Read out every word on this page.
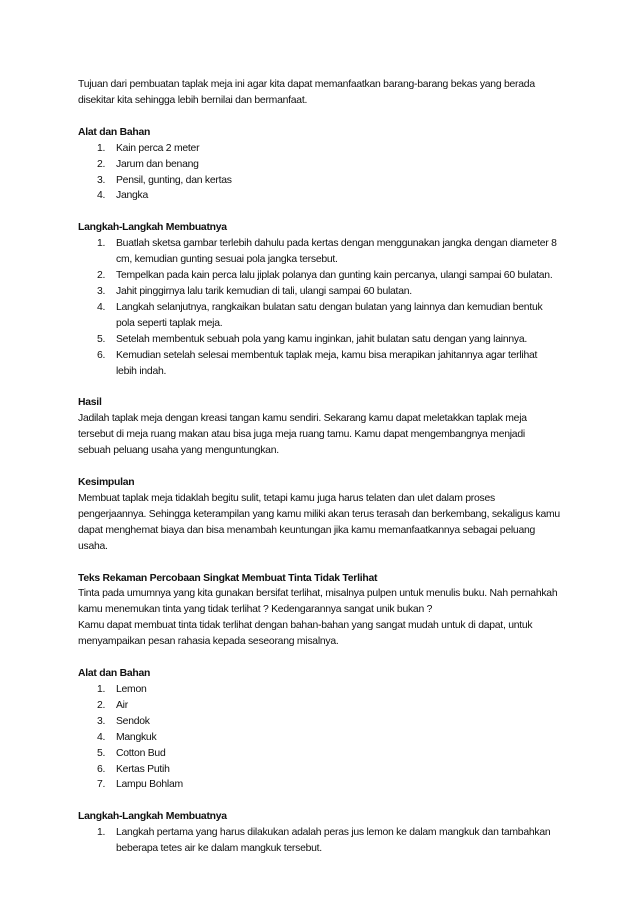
Tujuan dari pembuatan taplak meja ini agar kita dapat memanfaatkan barang-barang bekas yang berada disekitar kita sehingga lebih bernilai dan bermanfaat.

Alat dan Bahan

1. Kain perca 2 meter
2. Jarum dan benang
3. Pensil, gunting, dan kertas
4. Jangka

Langkah-Langkah Membuatnya

1. Buatlah sketsa gambar terlebih dahulu pada kertas dengan menggunakan jangka dengan diameter 8 cm, kemudian gunting sesuai pola jangka tersebut.
2. Tempelkan pada kain perca lalu jiplak polanya dan gunting kain percanya, ulangi sampai 60 bulatan.
3. Jahit pinggirnya lalu tarik kemudian di tali, ulangi sampai 60 bulatan.
4. Langkah selanjutnya, rangkaikan bulatan satu dengan bulatan yang lainnya dan kemudian bentuk pola seperti taplak meja.
5. Setelah membentuk sebuah pola yang kamu inginkan, jahit bulatan satu dengan yang lainnya.
6. Kemudian setelah selesai membentuk taplak meja, kamu bisa merapikan jahitannya agar terlihat lebih indah.

Hasil

Jadilah taplak meja dengan kreasi tangan kamu sendiri. Sekarang kamu dapat meletakkan taplak meja tersebut di meja ruang makan atau bisa juga meja ruang tamu. Kamu dapat mengembangnya menjadi sebuah peluang usaha yang menguntungkan.

Kesimpulan

Membuat taplak meja tidaklah begitu sulit, tetapi kamu juga harus telaten dan ulet dalam proses pengerjaannya. Sehingga keterampilan yang kamu miliki akan terus terasah dan berkembang, sekaligus kamu dapat menghemat biaya dan bisa menambah keuntungan jika kamu memanfaatkannya sebagai peluang usaha.

Teks Rekaman Percobaan Singkat Membuat Tinta Tidak Terlihat

Tinta pada umumnya yang kita gunakan bersifat terlihat, misalnya pulpen untuk menulis buku. Nah pernahkah kamu menemukan tinta yang tidak terlihat ? Kedengarannya sangat unik bukan ?

Kamu dapat membuat tinta tidak terlihat dengan bahan-bahan yang sangat mudah untuk di dapat, untuk menyampaikan pesan rahasia kepada seseorang misalnya.

Alat dan Bahan

1. Lemon
2. Air
3. Sendok
4. Mangkuk
5. Cotton Bud
6. Kertas Putih
7. Lampu Bohlam

Langkah-Langkah Membuatnya

1. Langkah pertama yang harus dilakukan adalah peras jus lemon ke dalam mangkuk dan tambahkan beberapa tetes air ke dalam mangkuk tersebut.
